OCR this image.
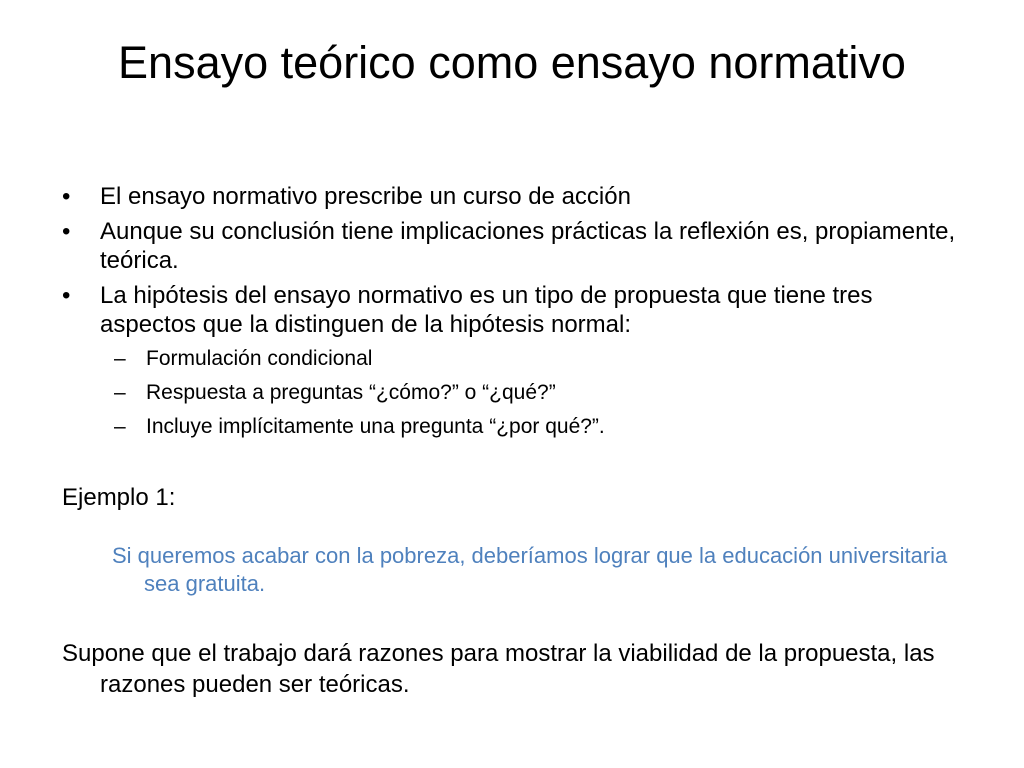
Ensayo teórico como ensayo normativo
•	El ensayo normativo prescribe un curso de acción
•	Aunque su conclusión tiene implicaciones prácticas la reflexión es, propiamente, teórica.
•	La hipótesis del ensayo normativo es un tipo de propuesta que tiene tres aspectos que la distinguen de la hipótesis normal:
– Formulación condicional
– Respuesta a preguntas “¿cómo?” o “¿qué?”
– Incluye implícitamente una pregunta “¿por qué?”.
Ejemplo 1:
Si queremos acabar con la pobreza, deberíamos lograr que la educación universitaria sea gratuita.
Supone que el trabajo dará razones para mostrar la viabilidad de la propuesta, las razones pueden ser teóricas.
